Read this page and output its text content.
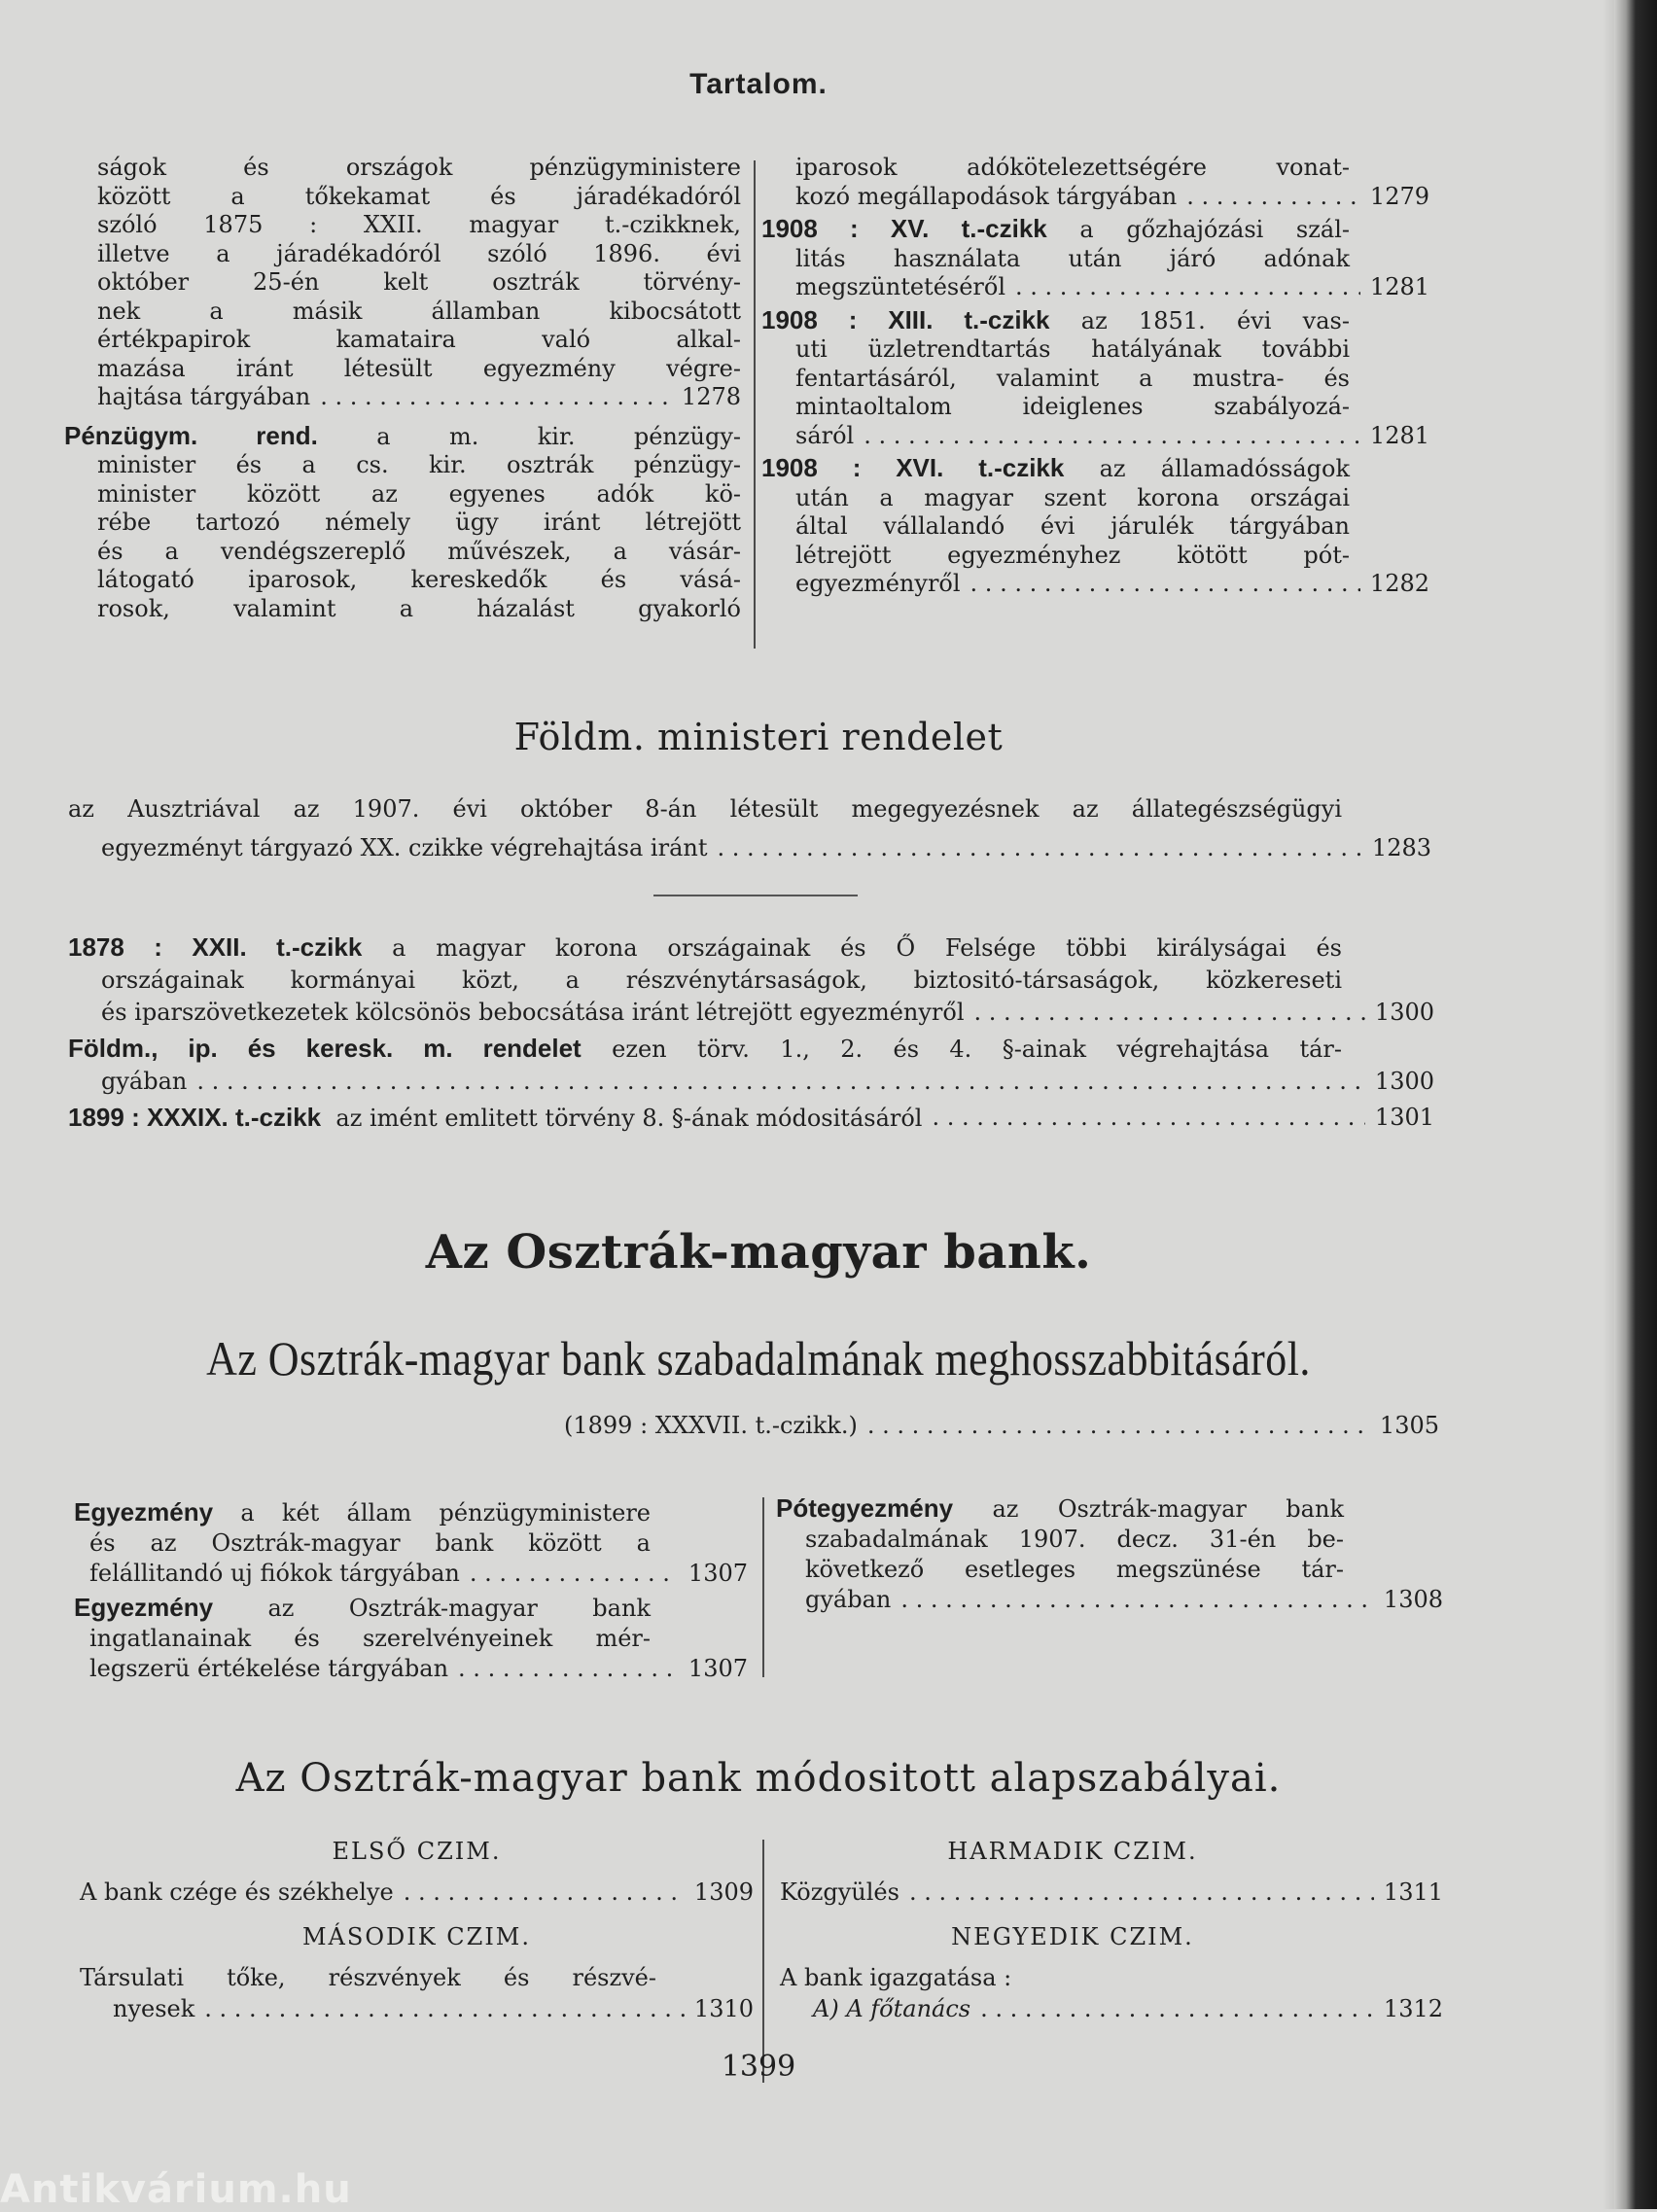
Tartalom.
ságok és országok pénzügyministere
között a tőkekamat és járadékadóról
szóló 1875 : XXII. magyar t.-czikknek,
illetve a járadékadóról szóló 1896. évi
október 25-én kelt osztrák törvény-
nek a másik államban kibocsátott
értékpapirok kamataira való alkal-
mazása iránt létesült egyezmény végre-
hajtása tárgyában . . .	1278
Pénzügym. rend.	a m. kir. pénzügy-
minister és a cs. kir. osztrák pénzügy-
minister között az egyenes adók kö-
rébe tartozó némely ügy iránt létrejött
és a vendégszereplő művészek, a vásár-
látogató iparosok, kereskedők és vásá-
rosok, valamint a házalást gyakorló
iparosok adókötelezettségére vonat-
kozó megállapodások tárgyában . . .	1279
1908 : XV. t.-czikk a gőzhajózási szál-
litás használata után járó adónak
megszüntetéséről . . .	1281
1908 : XIII. t.-czikk az 1851. évi vas-
uti üzletrendtartás hatályának további
fentartásáról, valamint a mustra- és
mintaoltalom ideiglenes szabályozá-
sáról . . .	1281
1908 : XVI. t.-czikk az államadósságok
után a magyar szent korona országai
által vállalandó évi járulék tárgyában
létrejött egyezményhez kötött pót-
egyezményről . . .	1282
Földm. ministeri rendelet
az Ausztriával az 1907. évi október 8-án létesült megegyezésnek az állategészségügyi
egyezményt tárgyazó XX. czikke végrehajtása iránt . . .	1283
1878 : XXII. t.-czikk a magyar korona országainak és Ő Felsége többi királyságai és
országainak kormányai közt, a részvénytársaságok, biztositó-társaságok, közkereseti
és iparszövetkezetek kölcsönös bebocsátása iránt létrejött egyezményről . . .	1300
Földm., ip. és keresk. m. rendelet ezen törv. 1., 2. és 4. §-ainak végrehajtása tár-
gyában . . .	1300
1899 : XXXIX. t.-czikk az imént emlitett törvény 8. §-ának módositásáról . . .	1301
Az Osztrák-magyar bank.
Az Osztrák-magyar bank szabadalmának meghosszabbitásáról.
(1899 : XXXVII. t.-czikk.) . . .	1305
Egyezmény a két állam pénzügyministere
és az Osztrák-magyar bank között a
felállitandó uj fiókok tárgyában . . .	1307
Egyezmény az Osztrák-magyar bank
ingatlanainak és szerelvényeinek mér-
legszerü értékelése tárgyában . . .	1307
Pótegyezmény az Osztrák-magyar bank
szabadalmának 1907. decz. 31-én be-
következő esetleges megszünése tár-
gyában . . .	1308
Az Osztrák-magyar bank módositott alapszabályai.
ELSŐ CZIM.
A bank czége és székhelye . . .	1309
MÁSODIK CZIM.
Társulati tőke, részvények és részvé-
nyesek . . .	1310
HARMADIK CZIM.
Közgyülés . . .	1311
NEGYEDIK CZIM.
A bank igazgatása :
A) A főtanács . . .	1312
1399
Antikvárium.hu
